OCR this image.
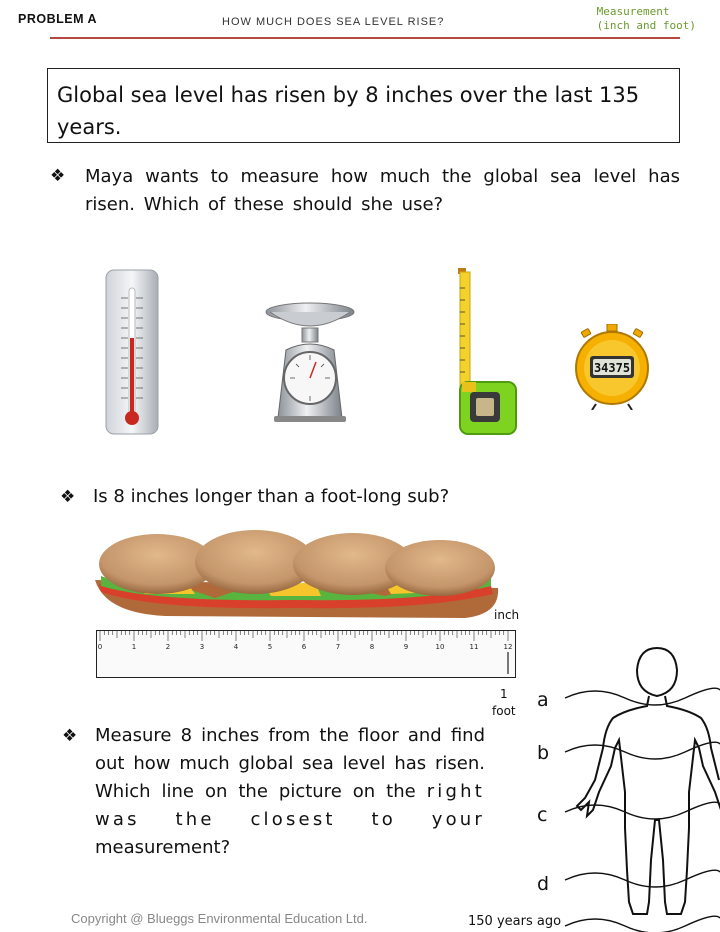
PROBLEM A	HOW MUCH DOES SEA LEVEL RISE?
Measurement
(inch and foot)
Global sea level has risen by 8 inches over the last 135 years.
❖ Maya wants to measure how much the global sea level has risen. Which of these should she use?
34375
❖ Is 8 inches longer than a foot-long sub?
inch
0	1	2	3	4	5	6	7	8	9	10	11	12
1
foot
❖ Measure 8 inches from the floor and find out how much global sea level has risen. Which line on the picture on the right was the closest to your measurement?
a
b
c
d
150 years ago
Copyright @ Blueggs Environmental Education Ltd.
